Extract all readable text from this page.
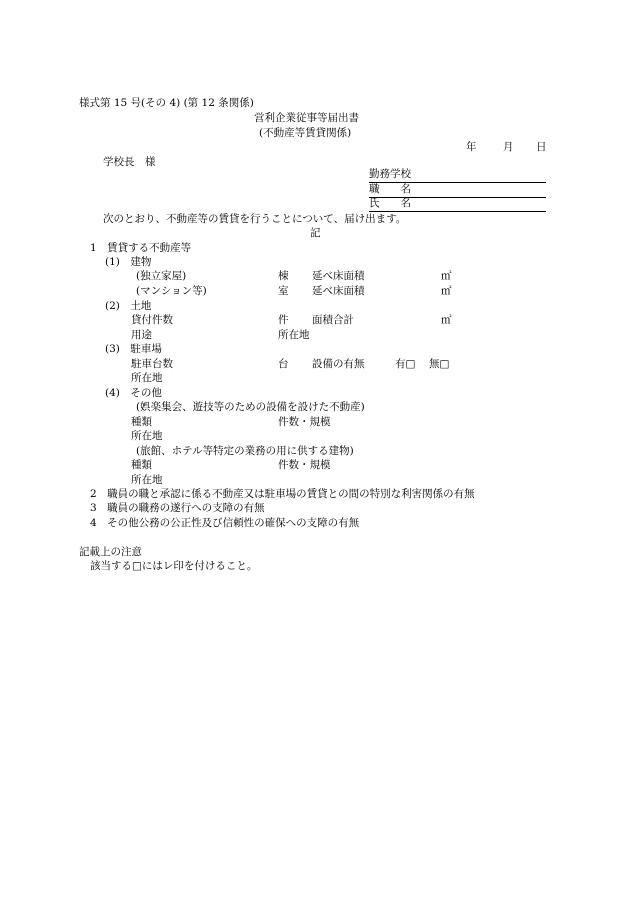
様式第 15 号(その 4) (第 12 条関係)
営利企業従事等届出書
(不動産等賃貸関係)
年	月 日
学校長　様
勤務学校
職　　名
氏　　名
次のとおり、不動産等の賃貸を行うことについて、届け出ます。
記
1　賃貸する不動産等
(1)　建物
(独立家屋)	棟 延べ床面積	㎡
(マンション等)	室 延べ床面積	㎡
(2)　土地
貸付件数	件 面積合計	㎡
用途	所在地
(3)　駐車場
駐車台数	台 設備の有無	有□ 無□
所在地
(4)　その他
(娯楽集会、遊技等のための設備を設けた不動産)
種類	件数・規模
所在地
(旅館、ホテル等特定の業務の用に供する建物)
種類	件数・規模
所在地
2　職員の職と承認に係る不動産又は駐車場の賃貸との間の特別な利害関係の有無
3　職員の職務の遂行への支障の有無
4　その他公務の公正性及び信頼性の確保への支障の有無
記載上の注意
該当する□にはレ印を付けること。
